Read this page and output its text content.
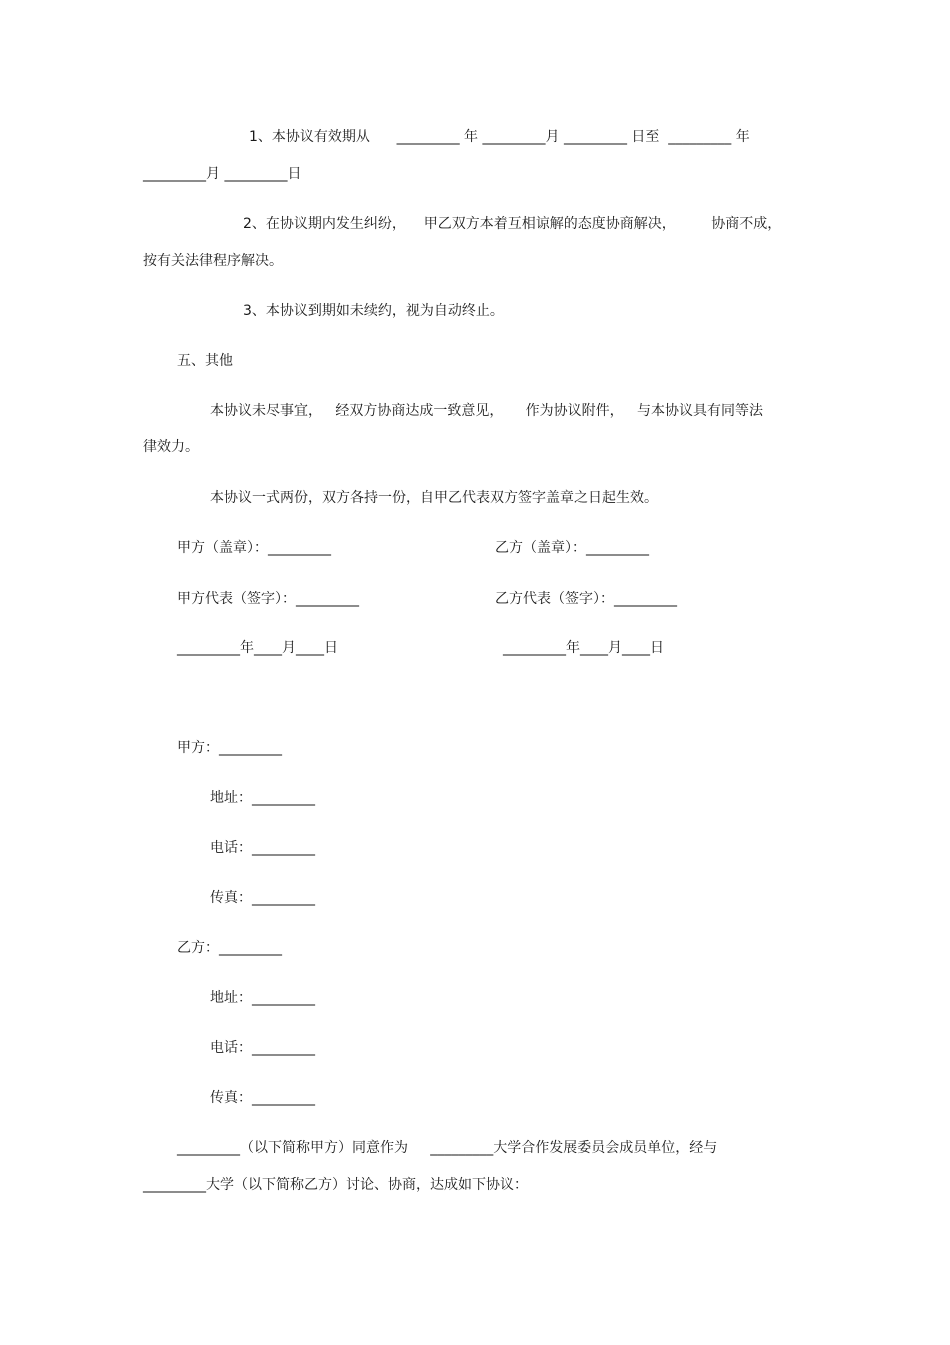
1、本协议有效期从      _________ 年 _________月 _________ 日至  _________ 年
_________月 _________日
2、在协议期内发生纠纷，    甲乙双方本着互相谅解的态度协商解决，        协商不成，
按有关法律程序解决。
3、本协议到期如未续约，视为自动终止。
五、其他
本协议未尽事宜，   经双方协商达成一致意见，     作为协议附件，   与本协议具有同等法
律效力。
本协议一式两份，双方各持一份，自甲乙代表双方签字盖章之日起生效。
甲方（盖章）：_________	乙方（盖章）：_________
甲方代表（签字）：_________	乙方代表（签字）：_________
_________年____月____日	_________年____月____日
甲方：_________
地址：_________
电话：_________
传真：_________
乙方：_________
地址：_________
电话：_________
传真：_________
_________（以下简称甲方）同意作为     _________大学合作发展委员会成员单位，经与
_________大学（以下简称乙方）讨论、协商，达成如下协议：
